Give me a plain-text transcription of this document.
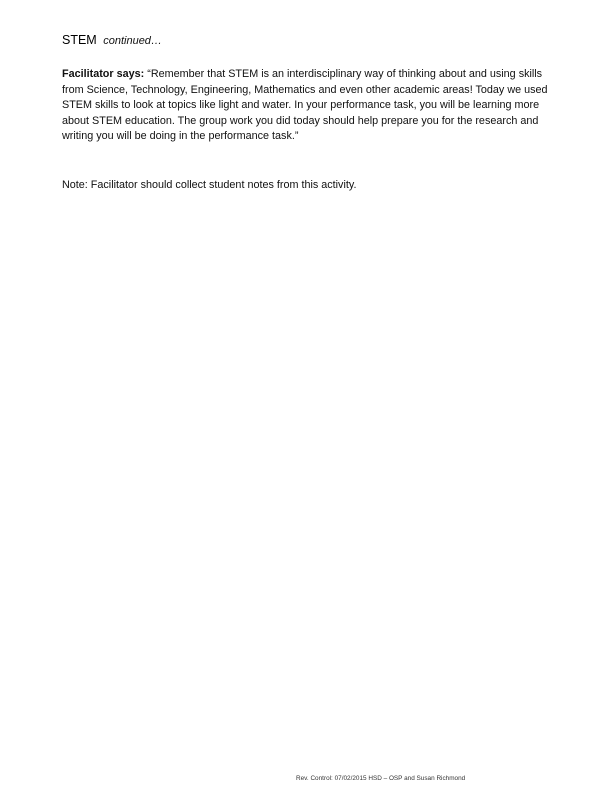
STEM continued…
Facilitator says: “Remember that STEM is an interdisciplinary way of thinking about and using skills from Science, Technology, Engineering, Mathematics and even other academic areas! Today we used STEM skills to look at topics like light and water. In your performance task, you will be learning more about STEM education. The group work you did today should help prepare you for the research and writing you will be doing in the performance task.”
Note: Facilitator should collect student notes from this activity.
Rev. Control: 07/02/2015 HSD – OSP and Susan Richmond
